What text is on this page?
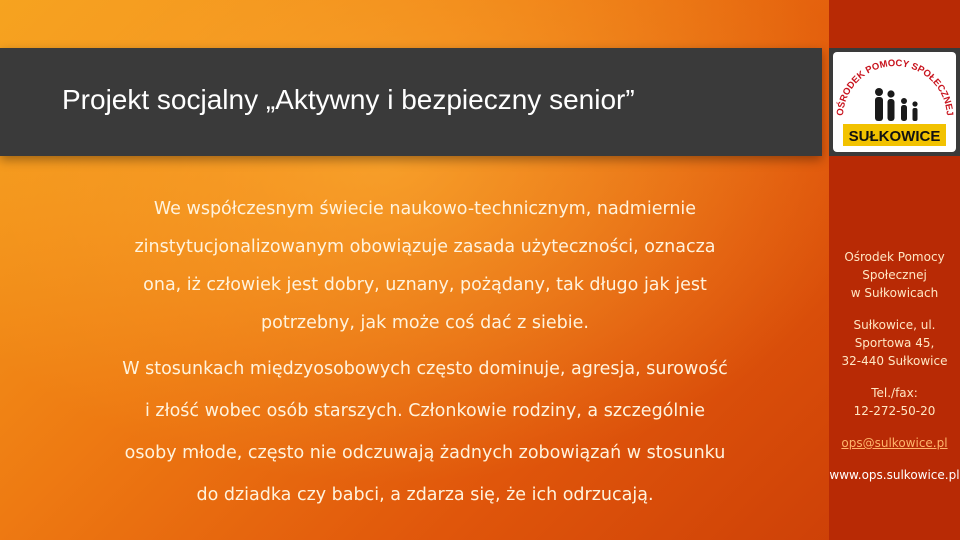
Projekt socjalny „Aktywny i bezpieczny senior”	OŚRODEK POMOCY SPOŁECZNEJ
SUŁKOWICE
We współczesnym świecie naukowo-technicznym, nadmiernie
zinstytucjonalizowanym obowiązuje zasada użyteczności, oznacza
ona, iż człowiek jest dobry, uznany, pożądany, tak długo jak jest
potrzebny, jak może coś dać z siebie.
W stosunkach międzyosobowych często dominuje, agresja, surowość
i złość wobec osób starszych. Członkowie rodziny, a szczególnie
osoby młode, często nie odczuwają żadnych zobowiązań w stosunku
do dziadka czy babci, a zdarza się, że ich odrzucają.
Ośrodek Pomocy
Społecznej
w Sułkowicach
Sułkowice, ul.
Sportowa 45,
32-440 Sułkowice
Tel./fax:
12-272-50-20
ops@sulkowice.pl
www.ops.sulkowice.pl
